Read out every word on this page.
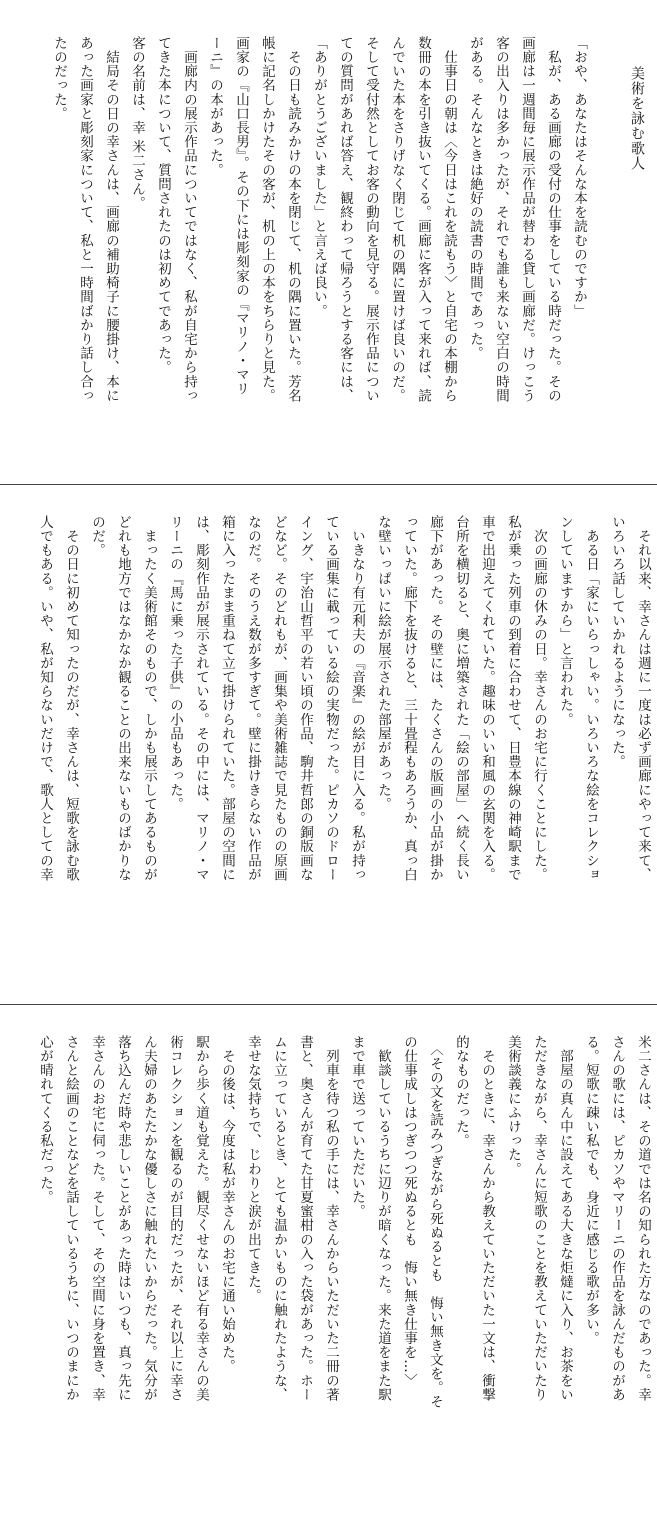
美術を詠む歌人

「おや、あなたはそんな本を読むのですか」

　私が、ある画廊の受付の仕事をしている時だった。その

画廊は一週間毎に展示作品が替わる貸し画廊だ。けっこう

客の出入りは多かったが、それでも誰も来ない空白の時間

がある。そんなときは絶好の読書の時間であった。

　仕事日の朝は〈今日はこれを読もう〉と自宅の本棚から

数冊の本を引き抜いてくる。画廊に客が入って来れば、読

んでいた本をさりげなく閉じて机の隅に置けば良いのだ。

そして受付然としてお客の動向を見守る。展示作品につい

ての質問があれば答え、観終わって帰ろうとする客には、

「ありがとうございました」と言えば良い。

　その日も読みかけの本を閉じて、机の隅に置いた。芳名

帳に記名しかけたその客が、机の上の本をちらりと見た。

画家の『山口長男』。その下には彫刻家の『マリノ・マリ

ーニ』の本があった。

　画廊内の展示作品についてではなく、私が自宅から持っ

てきた本について、質問されたのは初めてであった。

客の名前は、幸 米二さん。

　結局その日の幸さんは、画廊の補助椅子に腰掛け、本に

あった画家と彫刻家について、私と一時間ばかり話し合っ

たのだった。

　それ以来、幸さんは週に一度は必ず画廊にやって来て、

いろいろ話していかれるようになった。

　ある日「家にいらっしゃい。いろいろな絵をコレクショ

ンしていますから」と言われた。

　次の画廊の休みの日。幸さんのお宅に行くことにした。

私が乗った列車の到着に合わせて、日豊本線の神崎駅まで

車で出迎えてくれていた。趣味のいい和風の玄関を入る。

台所を横切ると、奥に増築された「絵の部屋」へ続く長い

廊下があった。その壁には、たくさんの版画の小品が掛か

っていた。廊下を抜けると、三十畳程もあろうか、真っ白

な壁いっぱいに絵が展示された部屋があった。

　いきなり有元利夫の『音楽』の絵が目に入る。私が持っ

ている画集に載っている絵の実物だった。ピカソのドロー

イング、宇治山哲平の若い頃の作品、駒井哲郎の銅版画な

どなど。そのどれもが、画集や美術雑誌で見たものの原画

なのだ。そのうえ数が多すぎて。壁に掛けきらない作品が

箱に入ったまま重ねて立て掛けられていた。部屋の空間に

は、彫刻作品が展示されている。その中には、マリノ・マ

リーニの『馬に乗った子供』の小品もあった。

　まったく美術館そのもので、しかも展示してあるものが

どれも地方ではなかなか観ることの出来ないものばかりな

のだ。

　その日に初めて知ったのだが、幸さんは、短歌を詠む歌

人でもある。いや、私が知らないだけで、歌人としての幸

米二さんは、その道では名の知られた方なのであった。幸

さんの歌には、ピカソやマリーニの作品を詠んだものがあ

る。短歌に疎い私でも、身近に感じる歌が多い。

　部屋の真ん中に設えてある大きな炬燵に入り、お茶をい

ただきながら、幸さんに短歌のことを教えていただいたり

美術談義にふけった。

　そのときに、幸さんから教えていただいた一文は、衝撃

的なものだった。

　〈その文を読みつぎながら死ぬるとも　悔い無き文を。そ

の仕事成しはつぎつつ死ぬるとも　悔い無き仕事を…〉

　歓談しているうちに辺りが暗くなった。来た道をまた駅

まで車で送っていただいた。

　列車を待つ私の手には、幸さんからいただいた二冊の著

書と、奥さんが育てた甘夏蜜柑の入った袋があった。ホー

ムに立っているとき、とても温かいものに触れたような、

幸せな気持ちで、じわりと涙が出てきた。

　その後は、今度は私が幸さんのお宅に通い始めた。

駅から歩く道も覚えた。観尽くせないほど有る幸さんの美

術コレクションを観るのが目的だったが、それ以上に幸さ

ん夫婦のあたたかな優しさに触れたいからだった。気分が

落ち込んだ時や悲しいことがあった時はいつも、真っ先に

幸さんのお宅に伺った。そして、その空間に身を置き、幸

さんと絵画のことなどを話しているうちに、いつのまにか

心が晴れてくる私だった。
